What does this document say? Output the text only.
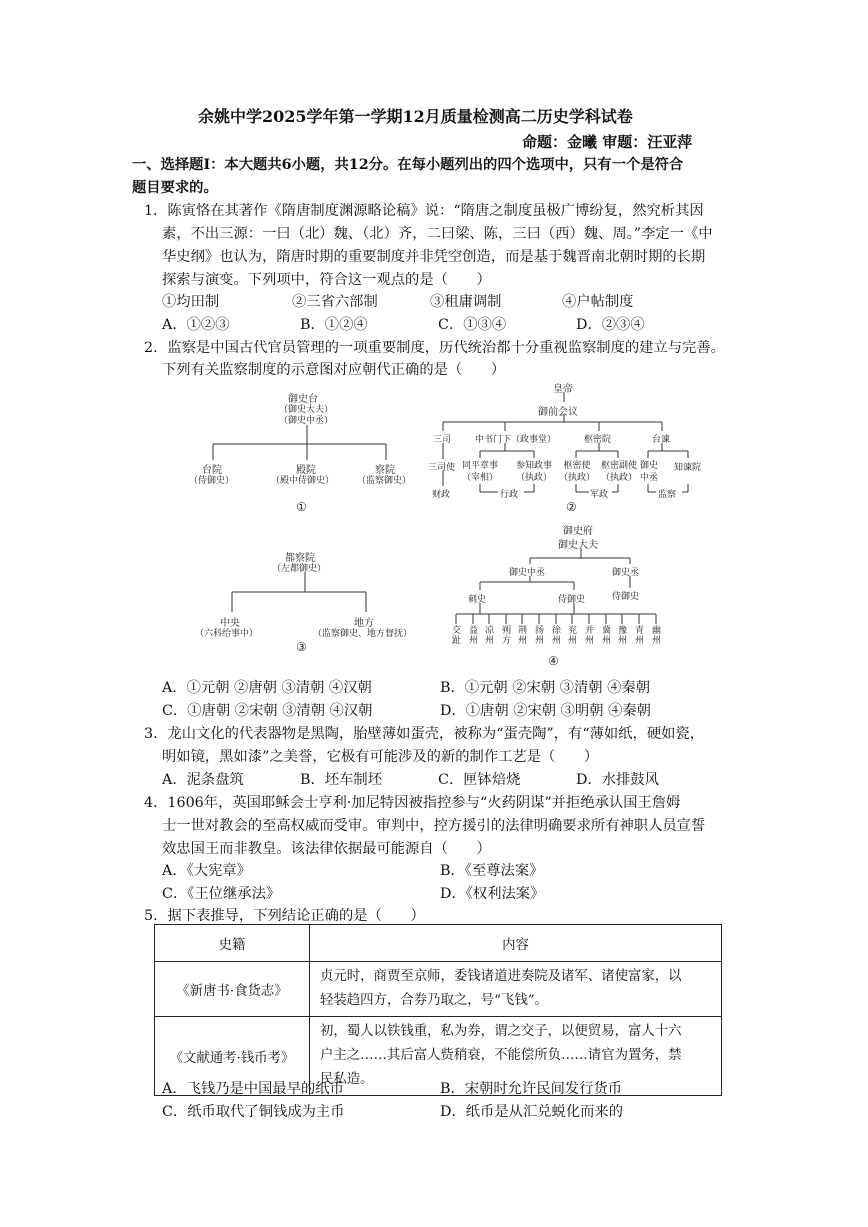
余姚中学2025学年第一学期12月质量检测高二历史学科试卷
命题：金曦 审题：汪亚萍
一、选择题Ⅰ：本大题共6小题，共12分。在每小题列出的四个选项中，只有一个是符合
题目要求的。
1．陈寅恪在其著作《隋唐制度渊源略论稿》说：“隋唐之制度虽极广博纷复，然究析其因
素，不出三源：一曰（北）魏、（北）齐，二曰梁、陈，三曰（西）魏、周。”李定一《中
华史纲》也认为，隋唐时期的重要制度并非凭空创造，而是基于魏晋南北朝时期的长期
探索与演变。下列项中，符合这一观点的是（　　）
①均田制	②三省六部制	③租庸调制	④户帖制度
A．①②③	B．①②④	C．①③④	D．②③④
2．监察是中国古代官员管理的一项重要制度，历代统治都十分重视监察制度的建立与完善。
下列有关监察制度的示意图对应朝代正确的是（　　）
御史台
（御史大夫）
（御史中丞）
台院
（侍御史）
殿院
（殿中侍御史）
察院
（监察御史）
①
皇帝
御前会议
三司	中书门下（政事堂）	枢密院	台谏
三司使 同平章事（宰相）
参知政事（执政）
枢密使（执政）
枢密副使（执政）
御史中丞
知谏院
财政	行政	军政	监察
②
都察院
（左都御史）
中央
（六科给事中）
地方
（监察御史、地方督抚）
③
御史府
御史大夫
御史中丞	御史丞
刺史	侍御史	侍御史
交趾
益州
凉州
朔方
荆州
扬州
徐州
兖州
并州
冀州
豫州
青州
幽州
④
A．①元朝 ②唐朝 ③清朝 ④汉朝	B．①元朝 ②宋朝 ③清朝 ④秦朝
C．①唐朝 ②宋朝 ③清朝 ④汉朝	D．①唐朝 ②宋朝 ③明朝 ④秦朝
3．龙山文化的代表器物是黑陶，胎壁薄如蛋壳，被称为“蛋壳陶”，有“薄如纸，硬如瓷，
明如镜，黑如漆”之美誉，它极有可能涉及的新的制作工艺是（　　）
A．泥条盘筑	B．坯车制坯	C．匣钵焙烧	D．水排鼓风
4．1606年，英国耶稣会士亨利·加尼特因被指控参与“火药阴谋”并拒绝承认国王詹姆
士一世对教会的至高权威而受审。审判中，控方援引的法律明确要求所有神职人员宣誓
效忠国王而非教皇。该法律依据最可能源自（　　）
A．《大宪章》	B．《至尊法案》
C．《王位继承法》	D．《权利法案》
5．据下表推导，下列结论正确的是（　　）
史籍	内容
《新唐书·食货志》	贞元时，商贾至京师，委钱诸道进奏院及诸军、诸使富家，以
轻装趋四方，合券乃取之，号“飞钱”。

《文献通考·钱币考》	初，蜀人以铁钱重，私为券，谓之交子，以便贸易，富人十六
户主之……其后富人赀稍衰，不能偿所负……请官为置务，禁
民私造。
A．飞钱乃是中国最早的纸币	B．宋朝时允许民间发行货币
C．纸币取代了铜钱成为主币	D．纸币是从汇兑蜕化而来的
